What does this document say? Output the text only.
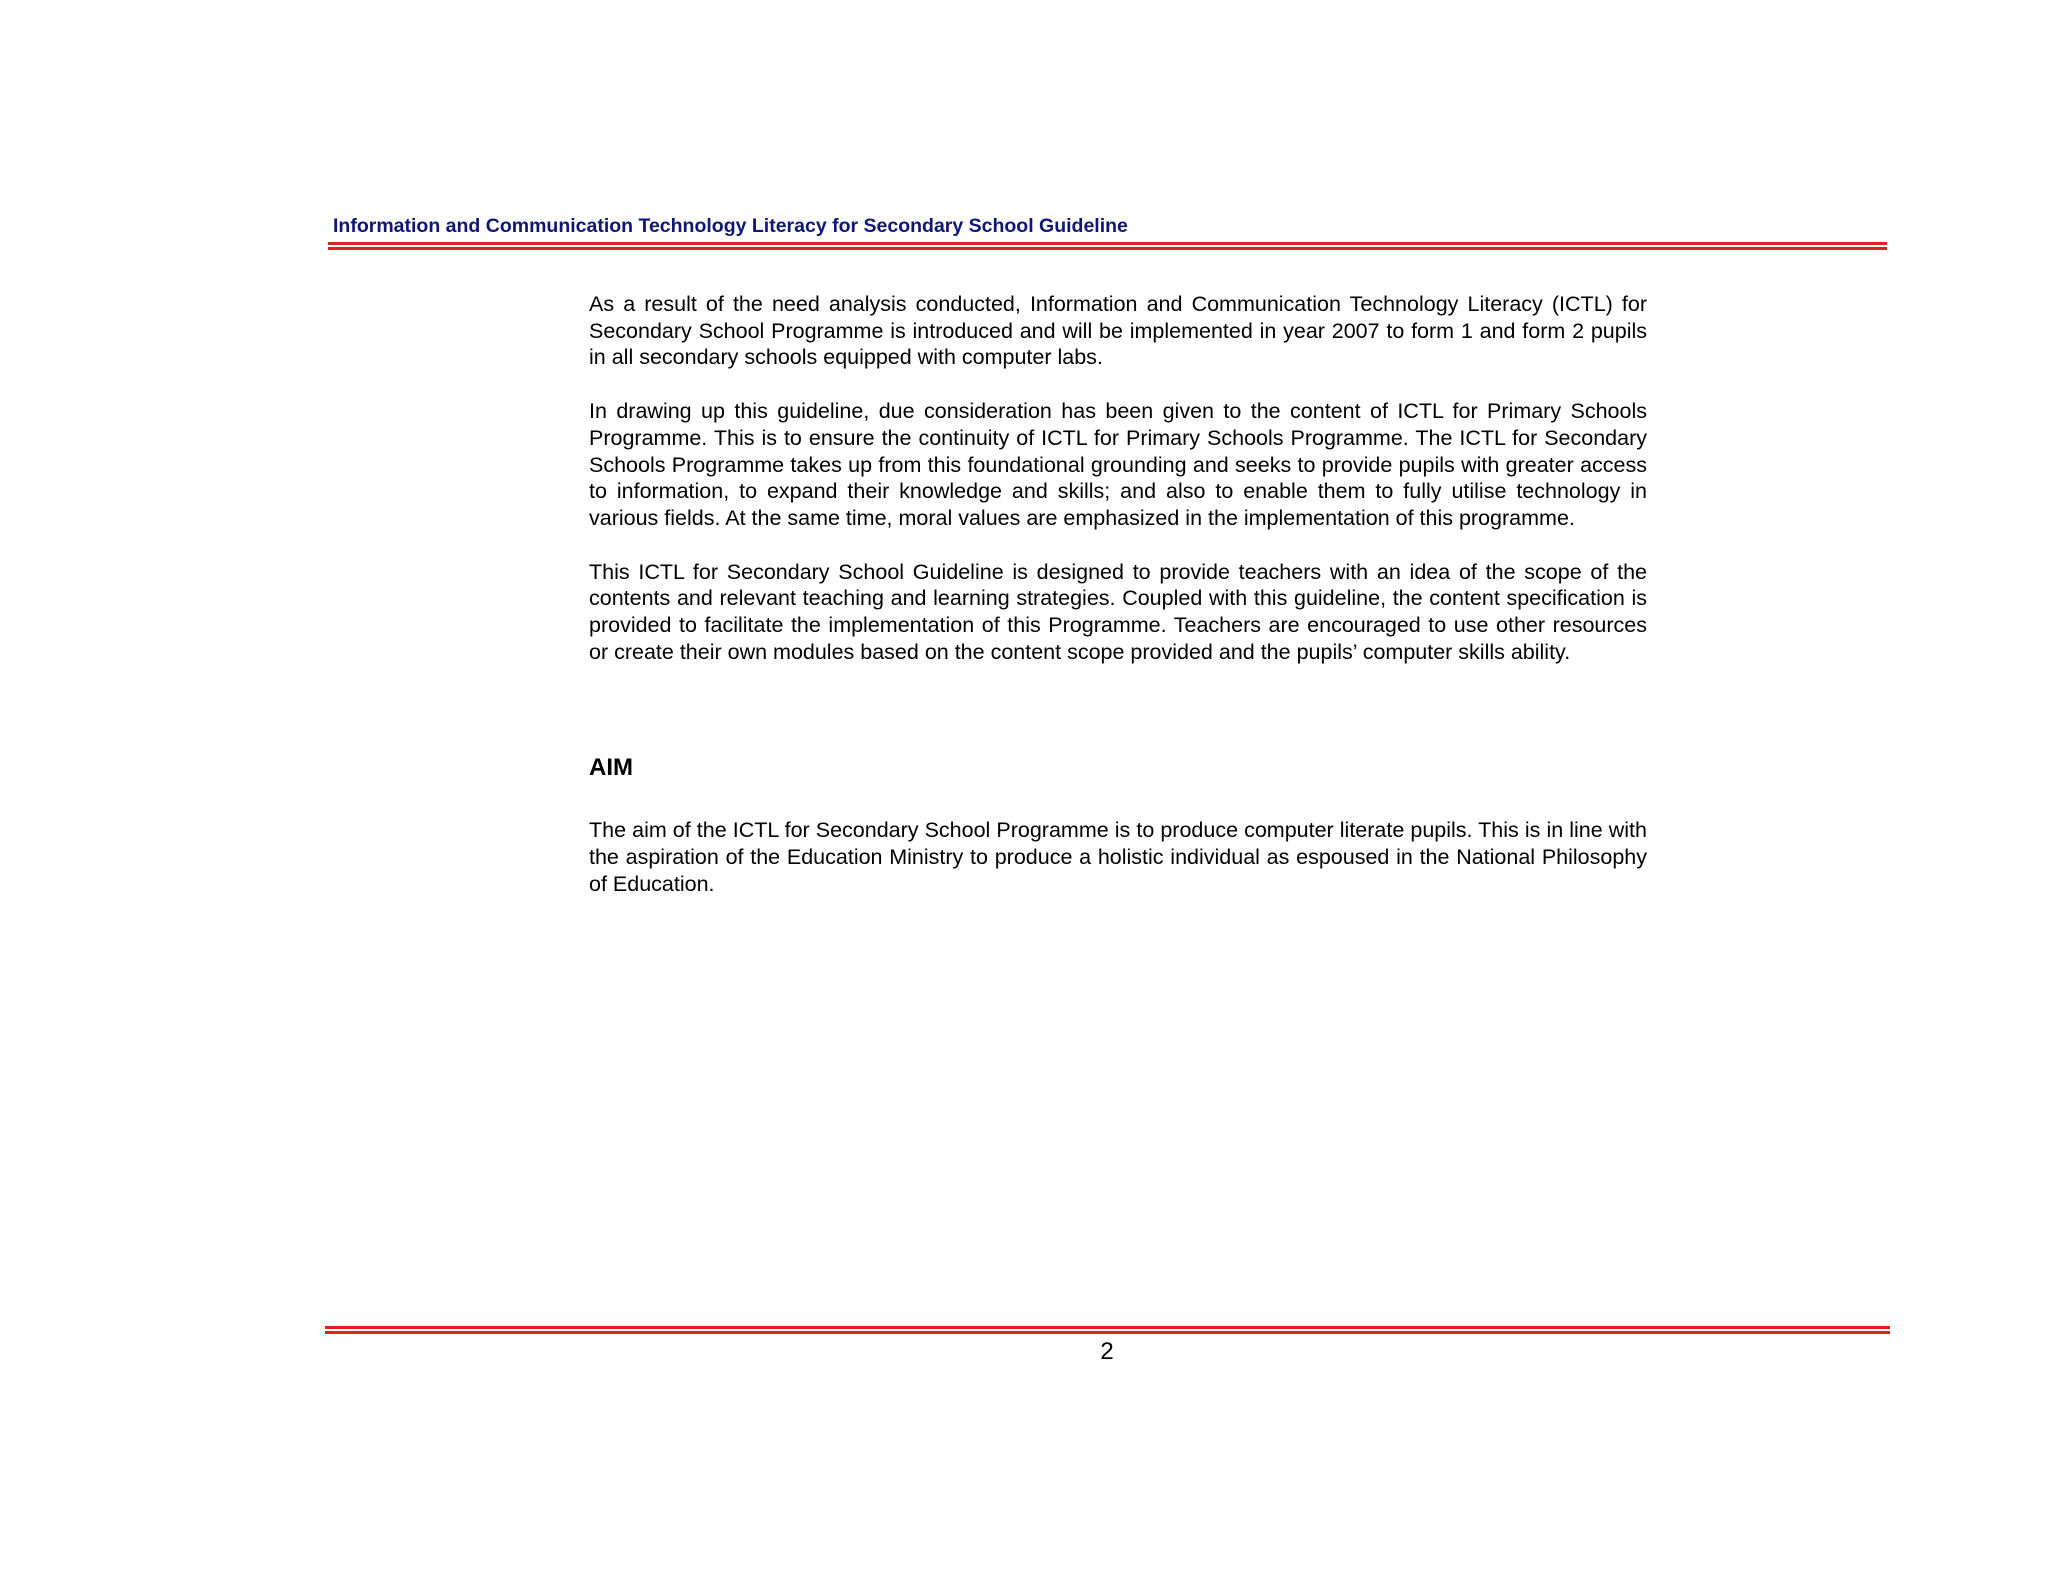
Information and Communication Technology Literacy for Secondary School Guideline

As a result of the need analysis conducted, Information and Communication Technology Literacy (ICTL) for Secondary School Programme is introduced and will be implemented in year 2007 to form 1 and form 2 pupils in all secondary schools equipped with computer labs.

In drawing up this guideline, due consideration has been given to the content of ICTL for Primary Schools Programme. This is to ensure the continuity of ICTL for Primary Schools Programme. The ICTL for Secondary Schools Programme takes up from this foundational grounding and seeks to provide pupils with greater access to information, to expand their knowledge and skills; and also to enable them to fully utilise technology in various fields. At the same time, moral values are emphasized in the implementation of this programme.

This ICTL for Secondary School Guideline is designed to provide teachers with an idea of the scope of the contents and relevant teaching and learning strategies. Coupled with this guideline, the content specification is provided to facilitate the implementation of this Programme. Teachers are encouraged to use other resources or create their own modules based on the content scope provided and the pupils’ computer skills ability.

AIM

The aim of the ICTL for Secondary School Programme is to produce computer literate pupils. This is in line with the aspiration of the Education Ministry to produce a holistic individual as espoused in the National Philosophy of Education.

2
